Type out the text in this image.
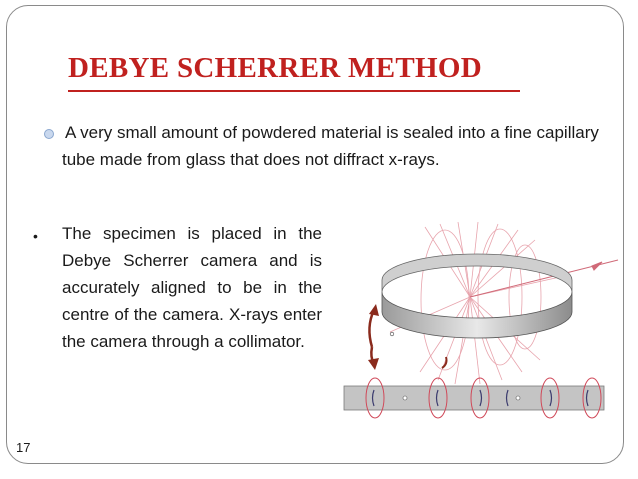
DEBYE SCHERRER METHOD

A very small amount of powdered material is sealed into a fine capillary tube made from glass that does not diffract x-rays.

• The specimen is placed in the Debye Scherrer camera and is accurately aligned to be in the centre of the camera. X-rays enter the camera through a collimator.

17
